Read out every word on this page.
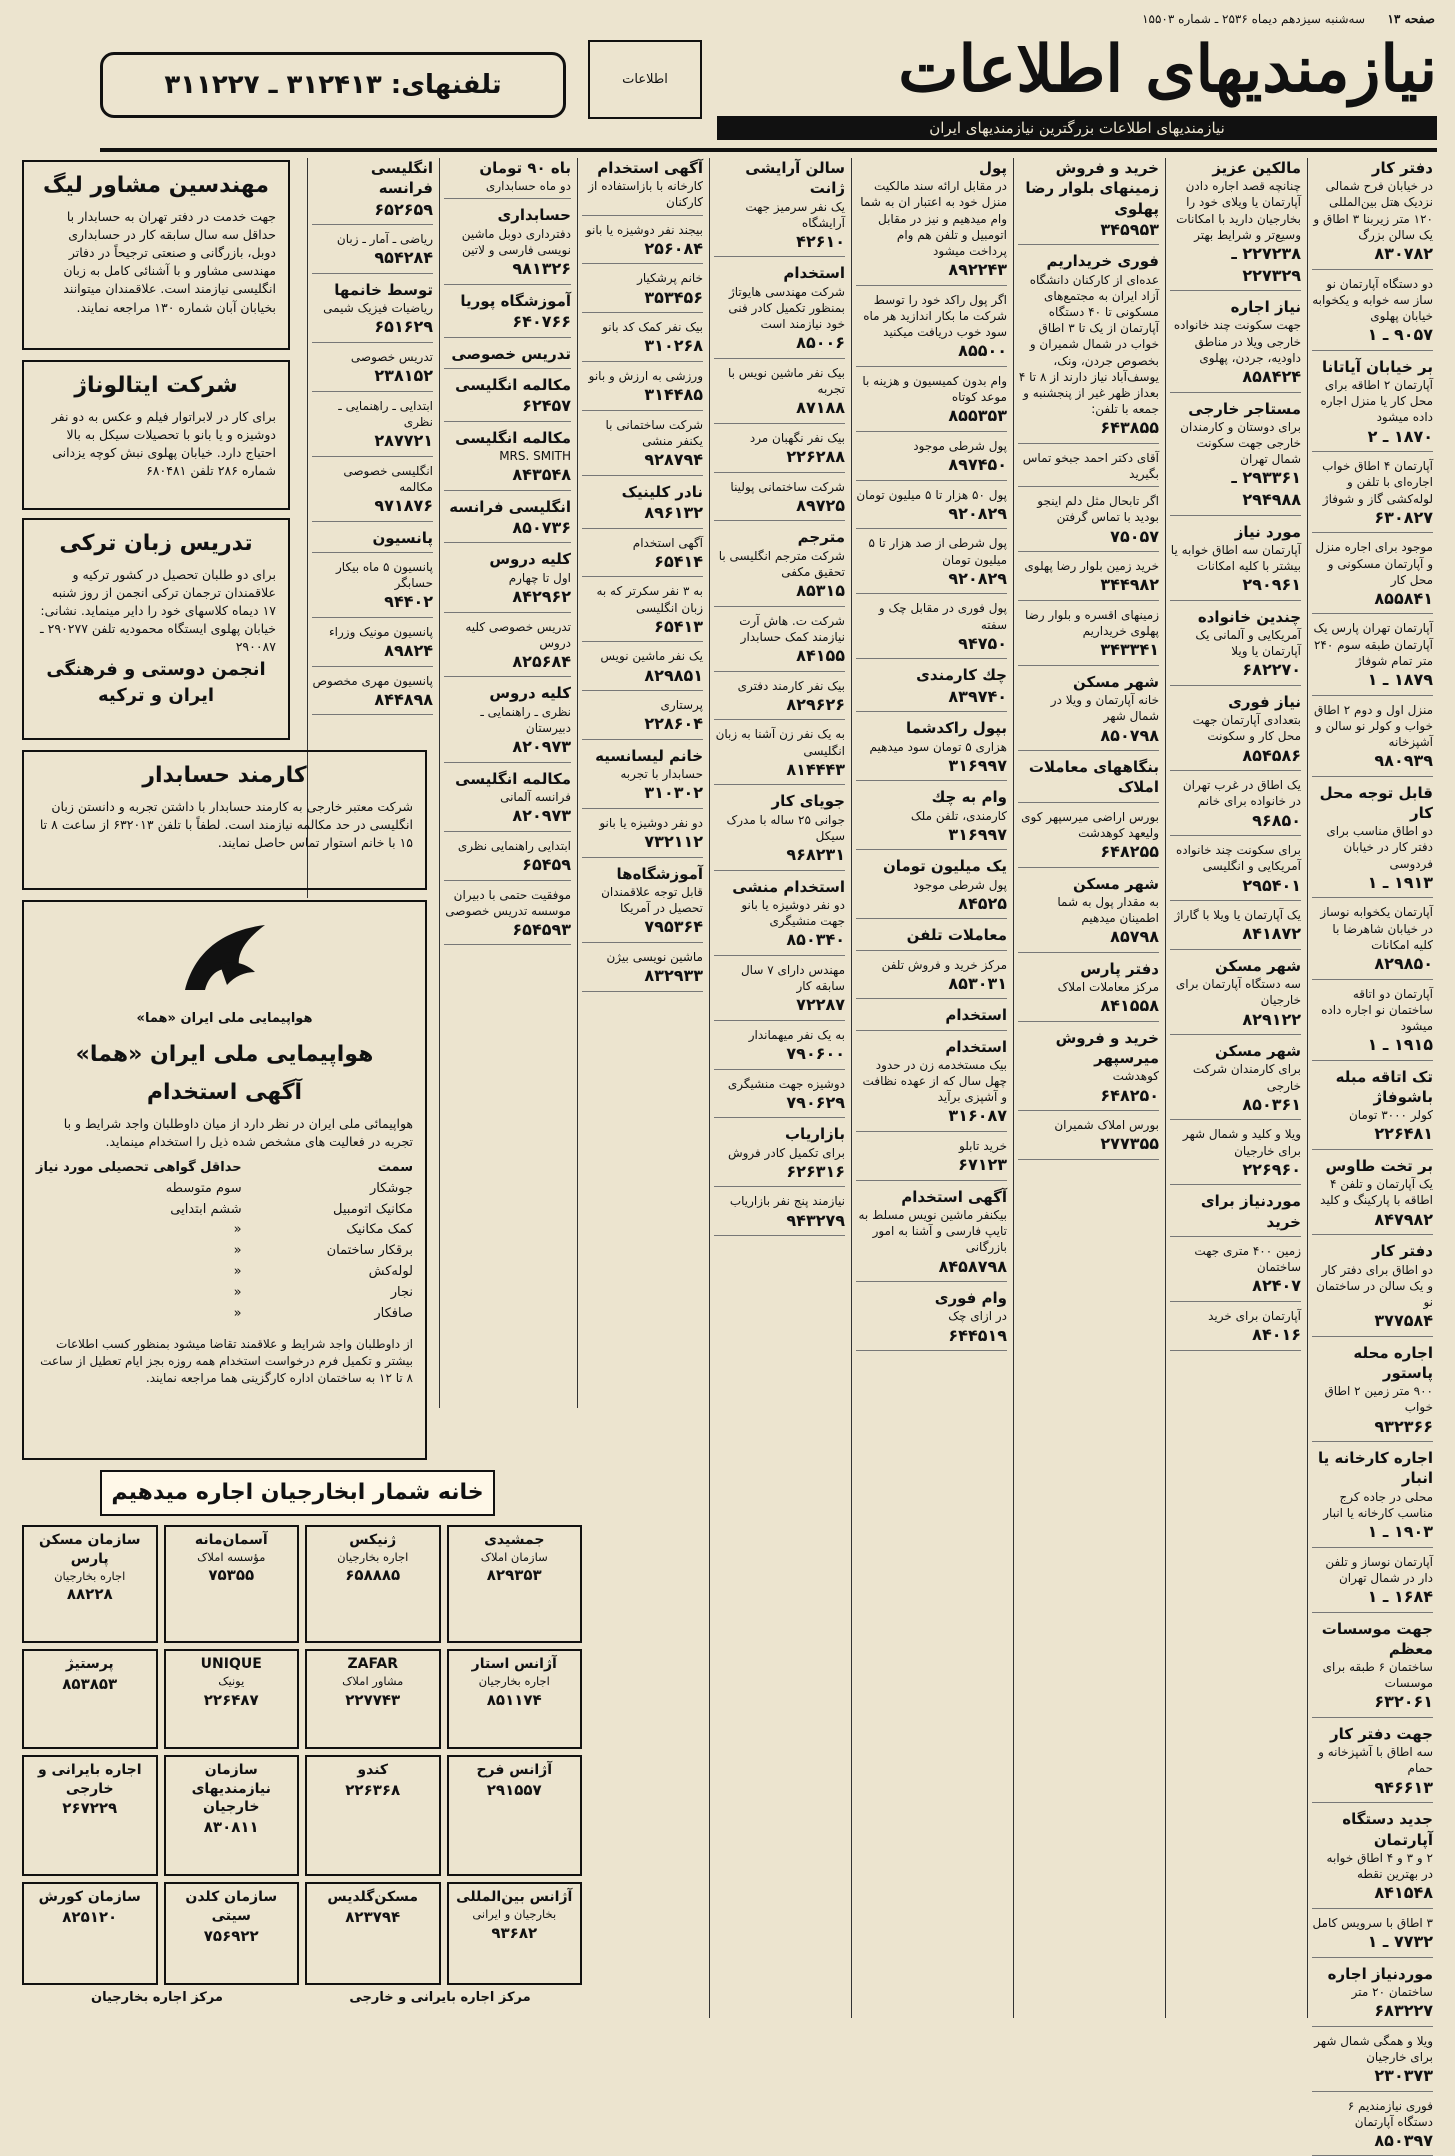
صفحه ۱۳
سه‌شنبه سیزدهم دیماه ۲۵۳۶ ـ شماره ۱۵۵۰۳
نیازمندیهای اطلاعات
نیازمندیهای اطلاعات بزرگترین نیازمندیهای ایران
اطلاعات
تلفنهای: ۳۱۲۴۱۳ ـ ۳۱۱۲۲۷
دفتر کار
در خیابان فرح شمالی نزدیک هتل بین‌المللی ۱۲۰ متر زیربنا ۳ اطاق و یک سالن بزرگ
۸۳۰۷۸۲
دو دستگاه آپارتمان نو ساز سه خوابه و یکخوابه خیابان پهلوی
۹۰۵۷ ـ ۱
بر خیابان آیاتانا
آپارتمان ۲ اطاقه برای محل کار یا منزل اجاره داده میشود
۱۸۷۰ ـ ۲
آپارتمان ۴ اطاق خواب اجاره‌ای با تلفن و لوله‌کشی گاز و شوفاژ
۶۳۰۸۲۷
موجود برای اجاره منزل و آپارتمان مسکونی و محل کار
۸۵۵۸۴۱
آپارتمان تهران پارس یک آپارتمان طبقه سوم ۲۴۰ متر تمام شوفاژ
۱۸۷۹ ـ ۱
منزل اول و دوم ۲ اطاق خواب و کولر نو سالن و آشپزخانه
۹۸۰۹۳۹
قابل توجه محل کار
دو اطاق مناسب برای دفتر کار در خیابان فردوسی
۱۹۱۳ ـ ۱
آپارتمان یکخوابه نوساز در خیابان شاهرضا با کلیه امکانات
۸۲۹۸۵۰
آپارتمان دو اتاقه ساختمان نو اجاره داده میشود
۱۹۱۵ ـ ۱
تک اتاقه مبله باشوفاژ
کولر ۳۰۰۰ تومان
۲۲۶۴۸۱
بر تخت طاوس
یک آپارتمان و تلفن ۴ اطاقه با پارکینگ و کلید
۸۴۷۹۸۲
دفتر کار
دو اطاق برای دفتر کار و یک سالن در ساختمان نو
۳۷۷۵۸۴
اجاره محله پاستور
۹۰۰ متر زمین ۲ اطاق خواب
۹۳۲۳۶۶
اجاره کارخانه یا انبار
محلی در جاده کرج مناسب کارخانه یا انبار
۱۹۰۳ ـ ۱
آپارتمان نوساز و تلفن دار در شمال تهران
۱۶۸۴ ـ ۱
جهت موسسات معظم
ساختمان ۶ طبقه برای موسسات
۶۳۲۰۶۱
جهت دفتر کار
سه اطاق با آشپزخانه و حمام
۹۴۶۶۱۳
جدید دستگاه آپارتمان
۲ و ۳ و ۴ اطاق خوابه در بهترین نقطه
۸۴۱۵۴۸
۳ اطاق با سرویس کامل
۷۷۳۲ ـ ۱
موردنیاز اجاره
ساختمان ۲۰ متر
۶۸۳۲۲۷
ویلا و همگی شمال شهر برای خارجیان
۲۳۰۳۷۳
فوری نیازمندیم ۶ دستگاه آپارتمان
۸۵۰۳۹۷
مالکین عزیز
چنانچه قصد اجاره دادن آپارتمان یا ویلای خود را بخارجیان دارید با امکانات وسیع‌تر و شرایط بهتر
۲۲۷۲۳۸ ـ ۲۲۷۳۲۹
نیاز اجاره
جهت سکونت چند خانواده خارجی ویلا در مناطق داودیه، جردن، پهلوی
۸۵۸۴۲۴
مستاجر خارجی
برای دوستان و کارمندان خارجی جهت سکونت شمال تهران
۲۹۳۳۶۱ ـ ۲۹۴۹۸۸
مورد نیاز
آپارتمان سه اطاق خوابه یا بیشتر با کلیه امکانات
۲۹۰۹۶۱
چندین خانواده
آمریکایی و آلمانی یک آپارتمان یا ویلا
۶۸۲۲۷۰
نیاز فوری
بتعدادی آپارتمان جهت محل کار و سکونت
۸۵۴۵۸۶
یک اطاق در غرب تهران در خانواده برای خانم
۹۶۸۵۰
برای سکونت چند خانواده آمریکایی و انگلیسی
۲۹۵۴۰۱
یک آپارتمان یا ویلا با گاراژ
۸۴۱۸۷۲
شهر مسکن
سه دستگاه آپارتمان برای خارجیان
۸۲۹۱۲۲
شهر مسکن
برای کارمندان شرکت خارجی
۸۵۰۳۶۱
ویلا و کلید و شمال شهر برای خارجیان
۲۲۶۹۶۰
موردنیاز برای خرید
زمین ۴۰۰ متری جهت ساختمان
۸۲۴۰۷
آپارتمان برای خرید
۸۴۰۱۶
خرید و فروش زمینهای بلوار رضا پهلوی
۳۴۵۹۵۳
فوری خریداریم
عده‌ای از کارکنان دانشگاه آزاد ایران به مجتمع‌های مسکونی تا ۴۰ دستگاه آپارتمان از یک تا ۳ اطاق خواب در شمال شمیران و بخصوص جردن، ونک، یوسف‌آباد نیاز دارند از ۸ تا ۴ بعداز ظهر غیر از پنجشنبه و جمعه با تلفن:
۶۴۳۸۵۵
آقای دکتر احمد جبخو تماس بگیرید
اگر تابحال مثل دلم اینجو بودید با تماس گرفتن
۷۵۰۵۷
خرید زمین بلوار رضا پهلوی
۳۴۴۹۸۲
زمینهای اقسره و بلوار رضا پهلوی خریداریم
۳۴۳۳۴۱
شهر مسکن
خانه آپارتمان و ویلا در شمال شهر
۸۵۰۷۹۸
بنگاههای معاملات املاک
بورس اراضی میرسپهر کوی ولیعهد کوهدشت
۶۴۸۲۵۵
شهر مسکن
به مقدار پول به شما اطمینان میدهیم
۸۵۷۹۸
دفتر پارس
مرکز معاملات املاک
۸۴۱۵۵۸
خرید و فروش میرسپهر
کوهدشت
۶۴۸۲۵۰
بورس املاک شمیران
۲۷۷۳۵۵
پول
در مقابل ارائه سند مالکیت منزل خود به اعتبار ان به شما وام میدهیم و نیز در مقابل اتومبیل و تلفن هم وام پرداخت میشود
۸۹۲۲۴۳
اگر پول راکد خود را توسط شرکت ما بکار اندازید هر ماه سود خوب دریافت میکنید
۸۵۵۰۰
وام بدون کمیسیون و هزینه با موعد کوتاه
۸۵۵۳۵۳
پول شرطی موجود
۸۹۷۴۵۰
پول ۵۰ هزار تا ۵ میلیون تومان
۹۲۰۸۲۹
پول شرطی از صد هزار تا ۵ میلیون تومان
۹۲۰۸۲۹
پول فوری در مقابل چک و سفته
۹۴۷۵۰
چك كارمندی
۸۳۹۷۴۰
بپول راکدشما
هزاری ۵ تومان سود میدهیم
۳۱۶۹۹۷
وام به چك
کارمندی، تلفن ملک
۳۱۶۹۹۷
یک میلیون تومان
پول شرطی موجود
۸۴۵۲۵
معاملات تلفن
مرکز خرید و فروش تلفن
۸۵۳۰۳۱
استخدام
استخدام
بیک مستخدمه زن در حدود چهل سال که از عهده نظافت و آشپزی برآید
۳۱۶۰۸۷
خرید تابلو
۶۷۱۲۳
آگهی استخدام
بیکنفر ماشین نویس مسلط به تایپ فارسی و آشنا به امور بازرگانی
۸۴۵۸۷۹۸
وام فوری
در ازای چک
۶۴۴۵۱۹
سالن آرایشی ژانت
یک نفر سرمیز جهت آرایشگاه
۴۲۶۱۰
استخدام
شرکت مهندسی هایوتاژ بمنظور تکمیل کادر فنی خود نیازمند است
۸۵۰۰۶
بیک نفر ماشین نویس با تجربه
۸۷۱۸۸
بیک نفر نگهبان مرد
۲۲۶۲۸۸
شرکت ساختمانی پولینا
۸۹۷۲۵
مترجم
شرکت مترجم انگلیسی با تحقیق مکفی
۸۵۳۱۵
شرکت ت. هاش آرت نیازمند کمک حسابدار
۸۴۱۵۵
بیک نفر کارمند دفتری
۸۲۹۶۲۶
به یک نفر زن آشنا به زبان انگلیسی
۸۱۴۴۴۳
جویای کار
جوانی ۲۵ ساله با مدرک سیکل
۹۶۸۲۳۱
استخدام منشی
دو نفر دوشیزه یا بانو جهت منشیگری
۸۵۰۳۴۰
مهندس دارای ۷ سال سابقه کار
۷۲۲۸۷
به یک نفر میهماندار
۷۹۰۶۰۰
دوشیزه جهت منشیگری
۷۹۰۶۲۹
بازاریاب
برای تکمیل کادر فروش
۶۲۶۳۱۶
نیازمند پنج نفر بازاریاب
۹۴۳۲۷۹
آگهی استخدام
کارخانه با بازاستفاده از کارکنان
بیجند نفر دوشیزه یا بانو
۲۵۶۰۸۴
خانم پرشکیار
۳۵۳۴۵۶
بیک نفر کمک کد بانو
۳۱۰۲۶۸
ورزشی به ارزش و بانو
۳۱۴۴۸۵
شرکت ساختمانی با یکنفر منشی
۹۲۸۷۹۴
نادر کلینیک
۸۹۶۱۳۲
آگهی استخدام
۶۵۴۱۴
به ۳ نفر سکرتر که به زبان انگلیسی
۶۵۴۱۳
یک نفر ماشین نویس
۸۲۹۸۵۱
پرستاری
۲۲۸۶۰۴
خانم لیسانسیه
حسابدار با تجربه
۳۱۰۳۰۲
دو نفر دوشیزه یا بانو
۷۳۲۱۱۲
آموزشگاه‌ها
قابل توجه علاقمندان تحصیل در آمریکا
۷۹۵۳۶۴
ماشین نویسی بیژن
۸۳۲۹۳۳
باه ۹۰ تومان
دو ماه حسابداری
حسابداری
دفترداری دوبل ماشین نویسی فارسی و لاتین
۹۸۱۳۲۶
آموزشگاه پوریا
۶۴۰۷۶۶
تدریس خصوصی
مکالمه انگلیسی
۶۲۴۵۷
مکالمه انگلیسی
MRS. SMITH
۸۴۳۵۴۸
انگلیسی فرانسه
۸۵۰۷۳۶
کلیه دروس
اول تا چهارم
۸۴۲۹۶۲
تدریس خصوصی کلیه دروس
۸۲۵۶۸۴
کلیه دروس
نظری ـ راهنمایی ـ دبیرستان
۸۲۰۹۷۳
مکالمه انگلیسی
فرانسه آلمانی
۸۲۰۹۷۳
ابتدایی راهنمایی نظری
۶۵۴۵۹
موفقیت حتمی با دبیران موسسه تدریس خصوصی
۶۵۴۵۹۳
انگلیسی فرانسه
۶۵۲۶۵۹
ریاضی ـ آمار ـ زبان
۹۵۴۲۸۴
توسط خانمها
ریاضیات فیزیک شیمی
۶۵۱۶۲۹
تدریس خصوصی
۲۳۸۱۵۲
ابتدایی ـ راهنمایی ـ نظری
۲۸۷۷۲۱
انگلیسی خصوصی مکالمه
۹۷۱۸۷۶
پانسیون
پانسیون ۵ ماه بیکار حسابگر
۹۴۴۰۲
پانسیون مونیک وزراء
۸۹۸۲۴
پانسیون مهری مخصوص
۸۴۴۸۹۸
مهندسین مشاور لیگ
جهت خدمت در دفتر تهران به حسابدار با حداقل سه سال سابقه کار در حسابداری دوبل، بازرگانی و صنعتی ترجیحاً در دفاتر مهندسی مشاور و با آشنائی کامل به زبان انگلیسی نیازمند است. علاقمندان میتوانند بخیابان آبان شماره ۱۳۰ مراجعه نمایند.
شرکت ایتالوناژ
برای کار در لابراتوار فیلم و عکس به دو نفر دوشیزه و یا بانو با تحصیلات سیکل به بالا احتیاج دارد. خیابان پهلوی نبش کوچه یزدانی شماره ۲۸۶ تلفن ۶۸۰۴۸۱
تدریس زبان ترکی
برای دو طلبان تحصیل در کشور ترکیه و علاقمندان ترجمان ترکی انجمن از روز شنبه ۱۷ دیماه کلاسهای خود را دایر مینماید. نشانی: خیابان پهلوی ایستگاه محمودیه تلفن ۲۹۰۲۷۷ ـ ۲۹۰۰۸۷
انجمن دوستی و فرهنگی ایران و ترکیه
کارمند حسابدار
شرکت معتبر خارجی به کارمند حسابدار با داشتن تجربه و دانستن زبان انگلیسی در حد مکالمه نیازمند است. لطفاً با تلفن ۶۳۲۰۱۳ از ساعت ۸ تا ۱۵ با خانم استوار تماس حاصل نمایند.
هواپیمایی ملی ایران «هما»
هواپیمایی ملی ایران «هما»
آگهی استخدام
هواپیمائی ملی ایران در نظر دارد از میان داوطلبان واجد شرایط و با تجربه در فعالیت های مشخص شده ذیل را استخدام مینماید.
سمت
جوشکار
مکانیک اتومبیل
کمک مکانیک
برقکار ساختمان
لوله‌کش
نجار
صافکار
حداقل گواهی تحصیلی مورد نیاز
سوم متوسطه
ششم ابتدایی
«
«
«
«
«
از داوطلبان واجد شرایط و علاقمند تقاضا میشود بمنظور کسب اطلاعات بیشتر و تکمیل فرم درخواست استخدام همه روزه بجز ایام تعطیل از ساعت ۸ تا ۱۲ به ساختمان اداره کارگزینی هما مراجعه نمایند.
خانه شمار ابخارجیان اجاره میدهیم
جمشیدی
سازمان املاک
۸۲۹۳۵۳
ژنیکس
اجاره بخارجیان
۶۵۸۸۸۵
آسمان‌مانه
مؤسسه املاک
۷۵۳۵۵
سازمان مسکن پارس
اجاره بخارجیان
۸۸۲۲۸
آژانس استار
اجاره بخارجیان
۸۵۱۱۷۴
ZAFAR
مشاور املاک
۲۲۷۷۴۳
UNIQUE
یونیک
۲۲۶۴۸۷
پرستیژ
۸۵۳۸۵۳
آژانس فرح
۲۹۱۵۵۷
کندو
۲۲۶۳۶۸
سازمان نیازمندیهای خارجیان
۸۳۰۸۱۱
اجاره بایرانی و خارجی
۲۶۷۲۲۹
آژانس بین‌المللی
بخارجیان و ایرانی
۹۳۶۸۲
مسکن‌گلدیس
۸۲۳۷۹۴
سازمان کلدن سیتی
۷۵۶۹۲۲
سازمان کورش
۸۲۵۱۲۰
مرکز اجاره بخارجیان	مرکز اجاره بایرانی و خارجی
